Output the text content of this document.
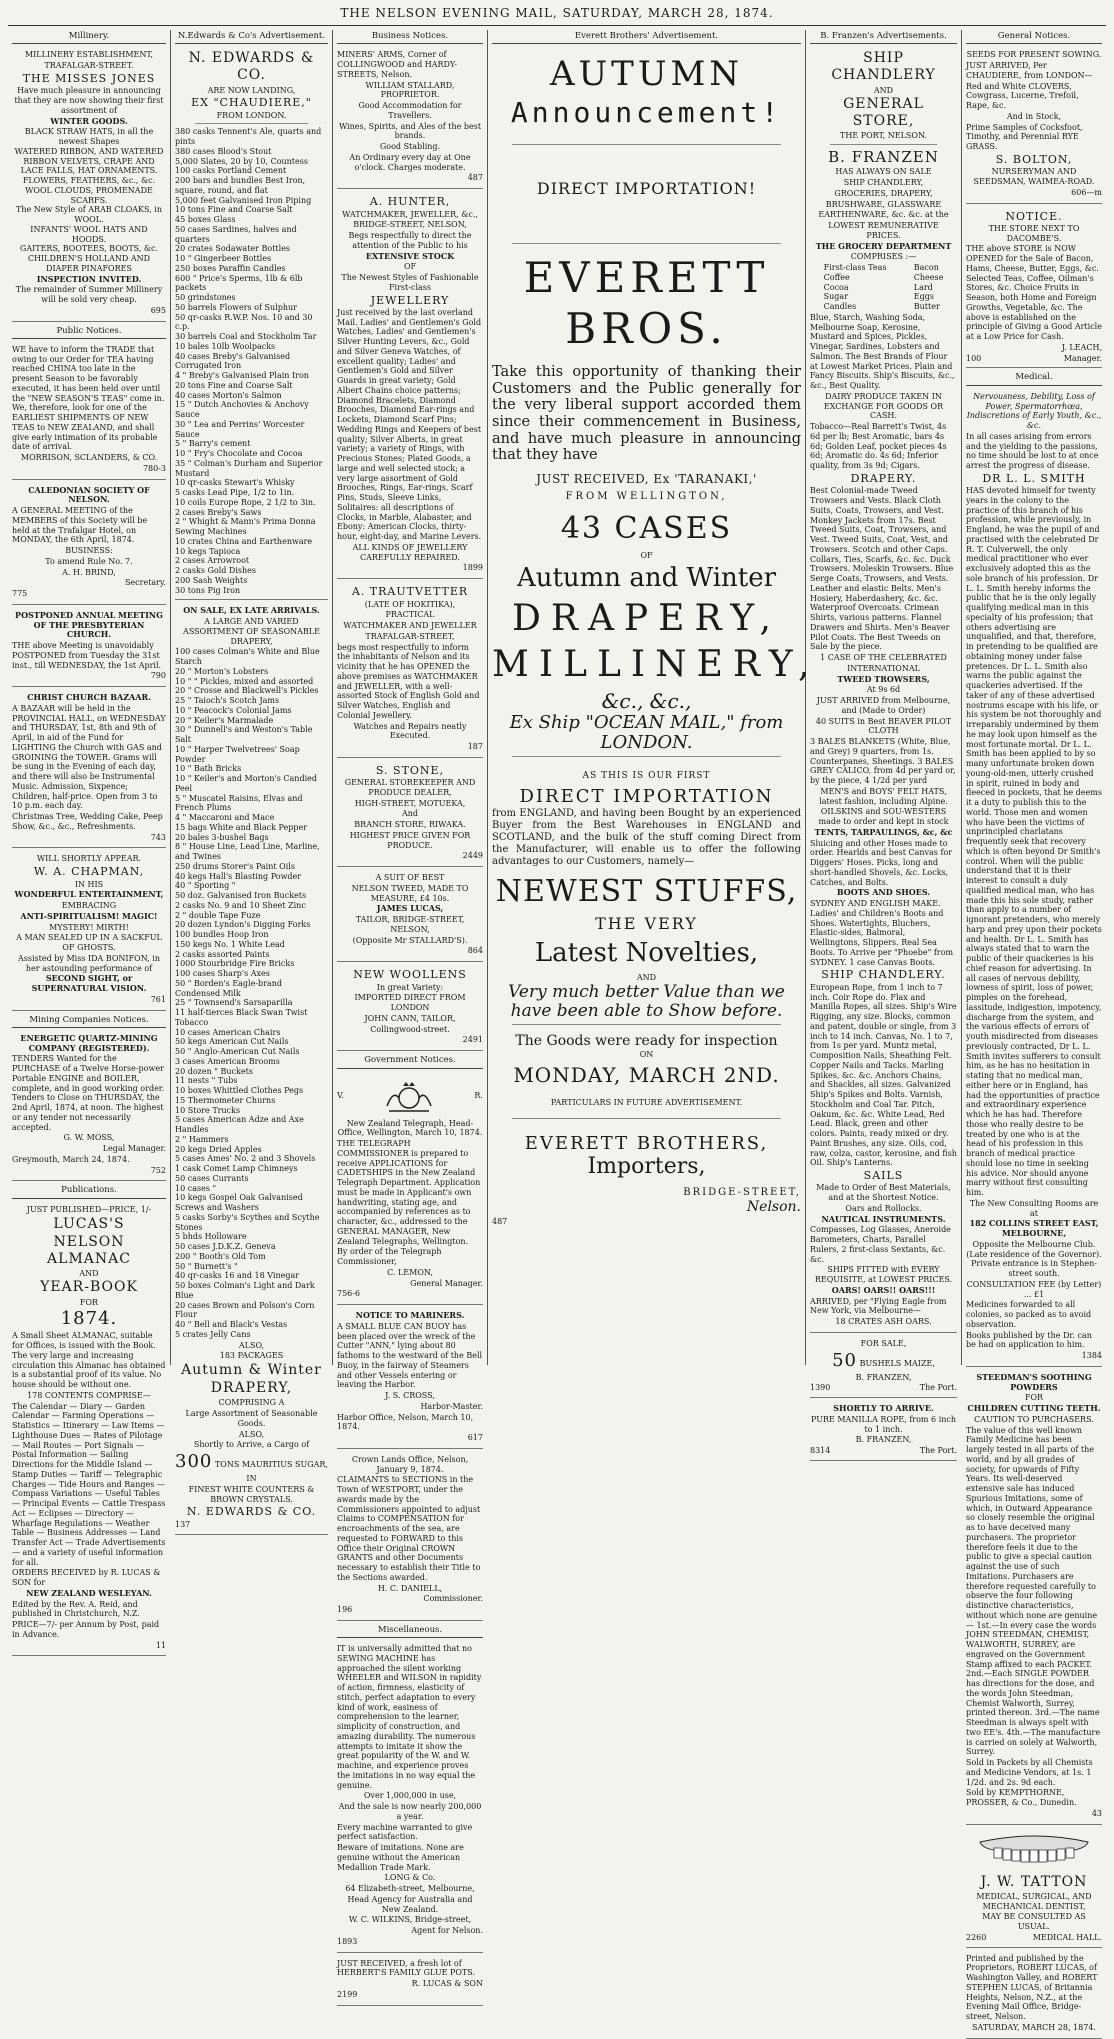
THE NELSON EVENING MAIL, SATURDAY, MARCH 28, 1874.
Millinery.

MILLINERY ESTABLISHMENT,

TRAFALGAR-STREET.

THE MISSES JONES

Have much pleasure in announcing that they are now showing their first assortment of

WINTER GOODS.

BLACK STRAW HATS, in all the newest Shapes

WATERED RIBBON, AND WATERED RIBBON VELVETS, CRAPE AND LACE FALLS, HAT ORNAMENTS.

FLOWERS, FEATHERS, &c., &c.

WOOL CLOUDS, PROMENADE SCARFS.

The New Style of ARAB CLOAKS, in WOOL.

INFANTS' WOOL HATS AND HOODS.

GAITERS, BOOTEES, BOOTS, &c.

CHILDREN'S HOLLAND AND DIAPER PINAFORES

INSPECTION INVITED.

The remainder of Summer Millinery will be sold very cheap.

695

Public Notices.

WE have to inform the TRADE that owing to our Order for TEA having reached CHINA too late in the present Season to be favorably executed, it has been held over until the "NEW SEASON'S TEAS" come in. We, therefore, look for one of the EARLIEST SHIPMENTS OF NEW TEAS to NEW ZEALAND, and shall give early intimation of its probable date of arrival.

MORRISON, SCLANDERS, & CO.

780-3

CALEDONIAN SOCIETY OF NELSON.

A GENERAL MEETING of the MEMBERS of this Society will be held at the Trafalgar Hotel, on MONDAY, the 6th April, 1874.

BUSINESS:

To amend Rule No. 7.

A. H. BRIND,

Secretary.

775

POSTPONED ANNUAL MEETING OF THE PRESBYTERIAN CHURCH.

THE above Meeting is unavoidably POSTPONED from Tuesday the 31st inst., till WEDNESDAY, the 1st April.

790

CHRIST CHURCH BAZAAR.

A BAZAAR will be held in the PROVINCIAL HALL, on WEDNESDAY and THURSDAY, 1st, 8th and 9th of April, in aid of the Fund for LIGHTING the Church with GAS and GROINING the TOWER. Grams will be sung in the Evening of each day, and there will also be Instrumental Music. Admission, Sixpence; Children, half-price. Open from 3 to 10 p.m. each day.

Christmas Tree, Wedding Cake, Peep Show, &c., &c., Refreshments.

743

WILL SHORTLY APPEAR.

W. A. CHAPMAN,

IN HIS

WONDERFUL ENTERTAINMENT,

EMBRACING

ANTI-SPIRITUALISM! MAGIC!

MYSTERY! MIRTH!

A MAN SEALED UP IN A SACKFUL OF GHOSTS.

Assisted by Miss IDA BONIFON, in her astounding performance of

SECOND SIGHT, or SUPERNATURAL VISION.

761

Mining Companies Notices.

ENERGETIC QUARTZ-MINING COMPANY (REGISTERED).

TENDERS Wanted for the PURCHASE of a Twelve Horse-power Portable ENGINE and BOILER, complete, and in good working order. Tenders to Close on THURSDAY, the 2nd April, 1874, at noon. The highest or any tender not necessarily accepted.

G. W. MOSS,

Legal Manager.

Greymouth, March 24, 1874.

752

Publications.

JUST PUBLISHED—PRICE, 1/-

LUCAS'S

NELSON ALMANAC

AND

YEAR-BOOK

FOR

1874.

A Small Sheet ALMANAC, suitable for Offices, is issued with the Book. The very large and increasing circulation this Almanac has obtained is a substantial proof of its value. No house should be without one.

178 CONTENTS COMPRISE—

The Calendar — Diary — Garden Calendar — Farming Operations — Statistics — Itinerary — Law Items — Lighthouse Dues — Rates of Pilotage — Mail Routes — Port Signals — Postal Information — Sailing Directions for the Middle Island — Stamp Duties — Tariff — Telegraphic Charges — Tide Hours and Ranges — Compass Variations — Useful Tables — Principal Events — Cattle Trespass Act — Eclipses — Directory — Wharfage Regulations — Weather Table — Business Addresses — Land Transfer Act — Trade Advertisements — and a variety of useful information for all.

ORDERS RECEIVED by R. LUCAS & SON for

NEW ZEALAND WESLEYAN.

Edited by the Rev. A. Reid, and published in Christchurch, N.Z.

PRICE—7/- per Annum by Post, paid in Advance.

11

N.Edwards & Co's Advertisement.

N. EDWARDS & CO.

ARE NOW LANDING,

EX "CHAUDIERE,"

FROM LONDON.

380 casks Tennent's Ale, quarts and pints

380 cases Blood's Stout

5,000 Slates, 20 by 10, Countess

100 casks Portland Cement

200 bars and bundles Best Iron, square, round, and flat

5,000 feet Galvanised Iron Piping

10 tons Fine and Coarse Salt

45 boxes Glass

50 cases Sardines, halves and quarters

20 crates Sodawater Bottles

10 " Gingerbeer Bottles

250 boxes Paraffin Candles

600 " Price's Sperms, 1lb & 6lb packets

50 grindstones

50 barrels Flowers of Sulphur

50 qr-casks R.W.P. Nos. 10 and 30 c.p.

30 barrels Coal and Stockholm Tar

10 bales 10lb Woolpacks

40 cases Breby's Galvanised Corrugated Iron

4 " Breby's Galvanised Plain Iron

20 tons Fine and Coarse Salt

40 cases Morton's Salmon

15 " Dutch Anchovies & Anchovy Sauce

30 " Lea and Perrins' Worcester Sauce

5 " Barry's cement

10 " Fry's Chocolate and Cocoa

35 " Colman's Durham and Superior Mustard

10 qr-casks Stewart's Whisky

5 casks Lead Pipe, 1/2 to 1in.

10 coils Europe Rope, 2 1/2 to 3in.

2 cases Breby's Saws

2 " Whight & Mann's Prima Donna Sewing Machines

10 crates China and Earthenware

10 kegs Tapioca

2 cases Arrowroot

2 casks Gold Dishes

200 Sash Weights

30 tons Pig Iron

ON SALE, EX LATE ARRIVALS.

A LARGE AND VARIED ASSORTMENT OF SEASONABLE DRAPERY,

100 cases Colman's White and Blue Starch

20 " Morton's Lobsters

10 " " Pickles, mixed and assorted

20 " Crosse and Blackwell's Pickles

25 " Taioch's Scotch Jams

10 " Peacock's Colonial Jams

20 " Keiler's Marmalade

30 " Dunnell's and Weston's Table Salt

10 " Harper Twelvetrees' Soap Powder

10 " Bath Bricks

10 " Keiler's and Morton's Candied Peel

5 " Muscatel Raisins, Elvas and French Plums

4 " Maccaroni and Mace

15 bags White and Black Pepper

20 bales 3-bushel Bags

8 " House Line, Lead Line, Marline, and Twines

250 drums Storer's Paint Oils

40 kegs Hall's Blasting Powder

40 " Sporting "

50 doz. Galvanised Iron Buckets

2 casks No. 9 and 10 Sheet Zinc

2 " double Tape Fuze

20 dozen Lyndon's Digging Forks

100 bundles Hoop Iron

150 kegs No. 1 White Lead

2 casks assorted Paints

1000 Stourbridge Fire Bricks

100 cases Sharp's Axes

50 " Borden's Eagle-brand Condensed Milk

25 " Townsend's Sarsaparilla

11 half-tierces Black Swan Twist Tobacco

10 cases American Chairs

50 kegs American Cut Nails

50 " Anglo-American Cut Nails

3 cases American Brooms

20 dozen " Buckets

11 nests " Tubs

10 boxes Whittled Clothes Pegs

15 Thermometer Churns

10 Store Trucks

5 cases American Adze and Axe Handles

2 " Hammers

20 kegs Dried Apples

5 cases Ames' No. 2 and 3 Shovels

1 cask Comet Lamp Chimneys

50 cases Currants

10 cases "

10 kegs Gospel Oak Galvanised Screws and Washers

5 casks Sorby's Scythes and Scythe Stones

5 bhds Holloware

50 cases J.D.K.Z. Geneva

200 " Booth's Old Tom

50 " Burnett's "

40 qr-casks 16 and 18 Vinegar

50 boxes Colman's Light and Dark Blue

20 cases Brown and Polson's Corn Flour

40 " Bell and Black's Vestas

5 crates Jelly Cans

ALSO,

183 PACKAGES

Autumn & Winter

DRAPERY,

COMPRISING A

Large Assortment of Seasonable Goods.

ALSO,

Shortly to Arrive, a Cargo of

300 TONS MAURITIUS SUGAR,

IN

FINEST WHITE COUNTERS & BROWN CRYSTALS.

N. EDWARDS & CO.

137

Business Notices.

MINERS' ARMS, Corner of COLLINGWOOD and HARDY-STREETS, Nelson.

WILLIAM STALLARD, PROPRIETOR.

Good Accommodation for Travellers.

Wines, Spirits, and Ales of the best brands.

Good Stabling.

An Ordinary every day at One o'clock. Charges moderate.

487

A. HUNTER,

WATCHMAKER, JEWELLER, &c.,

BRIDGE-STREET, NELSON,

Begs respectfully to direct the attention of the Public to his

EXTENSIVE STOCK

OF

The Newest Styles of Fashionable First-class

JEWELLERY

Just received by the last overland Mail. Ladies' and Gentlemen's Gold Watches, Ladies' and Gentlemen's Silver Hunting Levers, &c., Gold and Silver Geneva Watches, of excellent quality; Ladies' and Gentlemen's Gold and Silver Guards in great variety; Gold Albert Chains choice patterns; Diamond Bracelets, Diamond Brooches, Diamond Ear-rings and Lockets, Diamond Scarf Pins; Wedding Rings and Keepers of best quality; Silver Alberts, in great variety; a variety of Rings, with Precious Stones; Plated Goods, a large and well selected stock; a very large assortment of Gold Brooches, Rings, Ear-rings, Scarf Pins, Studs, Sleeve Links, Solitaires: all descriptions of Clocks, in Marble, Alabaster, and Ebony: American Clocks, thirty-hour, eight-day, and Marine Levers.

ALL KINDS OF JEWELLERY CAREFULLY REPAIRED.

1899

A. TRAUTVETTER

(LATE OF HOKITIKA),

PRACTICAL

WATCHMAKER AND JEWELLER

TRAFALGAR-STREET,

begs most respectfully to inform the inhabitants of Nelson and its vicinity that he has OPENED the above premises as WATCHMAKER and JEWELLER, with a well-assorted Stock of English Gold and Silver Watches, English and Colonial Jewellery.

Watches and Repairs neatly Executed.

187

S. STONE,

GENERAL STOREKEEPER AND PRODUCE DEALER,

HIGH-STREET, MOTUEKA,

And

BRANCH STORE, RIWAKA.

HIGHEST PRICE GIVEN FOR PRODUCE.

2449

A SUIT OF BEST

NELSON TWEED, MADE TO MEASURE, £4 10s.

JAMES LUCAS,

TAILOR, BRIDGE-STREET, NELSON,

(Opposite Mr STALLARD'S).

864

NEW WOOLLENS

In great Variety:

IMPORTED DIRECT FROM LONDON

JOHN CANN, TAILOR,

Collingwood-street.

2491

Government Notices.
V.	R.

New Zealand Telegraph, Head-Office, Wellington, March 10, 1874.

THE TELEGRAPH COMMISSIONER is prepared to receive APPLICATIONS for CADETSHIPS in the New Zealand Telegraph Department. Application must be made in Applicant's own handwriting, stating age, and accompanied by references as to character, &c., addressed to the GENERAL MANAGER, New Zealand Telegraphs, Wellington.

By order of the Telegraph Commissioner,

C. LEMON,

General Manager.

756-6

NOTICE TO MARINERS.

A SMALL BLUE CAN BUOY has been placed over the wreck of the Cutter "ANN," lying about 80 fathoms to the westward of the Bell Buoy, in the fairway of Steamers and other Vessels entering or leaving the Harbor.

J. S. CROSS,

Harbor-Master.

Harbor Office, Nelson, March 10, 1874.

617

Crown Lands Office, Nelson, January 9, 1874.

CLAIMANTS to SECTIONS in the Town of WESTPORT, under the awards made by the Commissioners appointed to adjust Claims to COMPENSATION for encroachments of the sea, are requested to FORWARD to this Office their Original CROWN GRANTS and other Documents necessary to establish their Title to the Sections awarded.

H. C. DANIELL,

Commissioner.

196

Miscellaneous.

IT is universally admitted that no SEWING MACHINE has approached the silent working WHEELER and WILSON in rapidity of action, firmness, elasticity of stitch, perfect adaptation to every kind of work, easiness of comprehension to the learner, simplicity of construction, and amazing durability. The numerous attempts to imitate it show the great popularity of the W. and W. machine, and experience proves the imitations in no way equal the genuine.

Over 1,000,000 in use,

And the sale is now nearly 200,000 a year.

Every machine warranted to give perfect satisfaction.

Beware of imitations. None are genuine without the American Medallion Trade Mark.

LONG & Co.

64 Elizabeth-street, Melbourne,

Head Agency for Australia and New Zealand.

W. C. WILKINS, Bridge-street,

Agent for Nelson.

1893

JUST RECEIVED, a fresh lot of HERBERT'S FAMILY GLUE POTS.

R. LUCAS & SON

2199

Everett Brothers' Advertisement.
AUTUMN
Announcement!
DIRECT IMPORTATION!
EVERETT BROS.
Take this opportunity of thanking their Customers and the Public generally for the very liberal support accorded them since their commencement in Business, and have much pleasure in announcing that they have
JUST RECEIVED, Ex 'TARANAKI,'
FROM WELLINGTON,
43 CASES
OF
Autumn and Winter
DRAPERY,
MILLINERY,
&c., &c.,
Ex Ship "OCEAN MAIL," from LONDON.
AS THIS IS OUR FIRST
DIRECT IMPORTATION
from ENGLAND, and having been Bought by an experienced Buyer from the Best Warehouses in ENGLAND and SCOTLAND, and the bulk of the stuff coming Direct from the Manufacturer, will enable us to offer the following advantages to our Customers, namely—
NEWEST STUFFS,
THE VERY
Latest Novelties,
AND
Very much better Value than we have been able to Show before.
The Goods were ready for inspection
ON
MONDAY, MARCH 2ND.
PARTICULARS IN FUTURE ADVERTISEMENT.
EVERETT BROTHERS,
Importers,
BRIDGE-STREET,
Nelson.
487
B. Franzen's Advertisements.

SHIP CHANDLERY

AND

GENERAL STORE,

THE PORT, NELSON.

B. FRANZEN

HAS ALWAYS ON SALE

SHIP CHANDLERY,

GROCERIES, DRAPERY,

BRUSHWARE, GLASSWARE

EARTHENWARE, &c. &c. at the

LOWEST REMUNERATIVE PRICES.

THE GROCERY DEPARTMENT

COMPRISES :—

First-class Teas

Coffee

Cocoa

Sugar

Candles

Bacon

Cheese

Lard

Eggs

Butter

Blue, Starch, Washing Soda, Melbourne Soap, Kerosine, Mustard and Spices, Pickles, Vinegar, Sardines, Lobsters and Salmon. The Best Brands of Flour at Lowest Market Prices. Plain and Fancy Biscuits. Ship's Biscuits, &c., &c., Best Quality.

DAIRY PRODUCE TAKEN IN EXCHANGE FOR GOODS OR CASH.

Tobacco—Real Barrett's Twist, 4s 6d per lb; Best Aromatic, bars 4s 6d; Golden Leaf, pocket pieces 4s 6d; Aromatic do. 4s 6d; Inferior quality, from 3s 9d; Cigars.

DRAPERY.

Best Colonial-made Tweed Trowsers and Vests. Black Cloth Suits, Coats, Trowsers, and Vest. Monkey Jackets from 17s. Best Tweed Suits, Coat, Trowsers, and Vest. Tweed Suits, Coat, Vest, and Trowsers. Scotch and other Caps. Collars, Ties, Scarfs, &c. &c. Duck Trowsers. Moleskin Trowsers. Blue Serge Coats, Trowsers, and Vests. Leather and elastic Belts. Men's Hosiery, Haberdashery, &c. &c. Waterproof Overcoats. Crimean Shirts, various patterns. Flannel Drawers and Shirts. Men's Beaver Pilot Coats. The Best Tweeds on Sale by the piece.

1 CASE OF THE CELEBRATED

INTERNATIONAL

TWEED TROWSERS,

At 9s 6d

JUST ARRIVED from Melbourne, and (Made to Order)

40 SUITS in Best BEAVER PILOT CLOTH

3 BALES BLANKETS (White, Blue, and Grey) 9 quarters, from 1s. Counterpanes, Sheetings. 3 BALES GREY CALICO, from 4d per yard or, by the piece, 4 1/2d per yard

MEN'S and BOYS' FELT HATS, latest fashion, including Alpine.

OILSKINS and SOU-WESTERS made to order and kept in stock

TENTS, TARPAULINGS, &c, &c

Sluicing and other Hoses made to order. Hearlds and best Canvas for Diggers' Hoses. Picks, long and short-handled Shovels, &c. Locks, Catches, and Bolts.

BOOTS AND SHOES.

SYDNEY AND ENGLISH MAKE. Ladies' and Children's Boots and Shoes. Watertights, Bluchers, Elastic-sides, Balmoral, Wellingtons, Slippers. Real Sea Boots. To Arrive per "Phoebe" from SYDNEY. 1 case Canvas Boots.

SHIP CHANDLERY.

European Rope, from 1 inch to 7 inch. Coir Rope do. Flax and Manilla Ropes, all sizes. Ship's Wire Rigging, any size. Blocks, common and patent, double or single, from 3 inch to 14 inch. Canvas, No. 1 to 7, from 1s per yard. Muntz metal, Composition Nails, Sheathing Felt. Copper Nails and Tacks. Marling Spikes, &c. &c. Anchors Chains, and Shackles, all sizes. Galvanized Ship's Spikes and Bolts. Varnish, Stockholm and Coal Tar. Pitch, Oakum, &c. &c. White Lead, Red Lead. Black, green and other colors. Paints, ready mixed or dry. Paint Brushes, any size. Oils, cod, raw, colza, castor, kerosine, and fish Oil. Ship's Lanterns.

SAILS

Made to Order of Best Materials, and at the Shortest Notice.

Oars and Rollocks.

NAUTICAL INSTRUMENTS.

Compasses, Log Glasses, Aneroide Barometers, Charts, Parallel Rulers, 2 first-class Sextants, &c. &c.

SHIPS FITTED with EVERY REQUISITE, at LOWEST PRICES.

OARS! OARS!! OARS!!!

ARRIVED, per "Flying Eagle from New York, via Melbourne—

18 CRATES ASH OARS.

FOR SALE,

50 BUSHELS MAIZE,

B. FRANZEN,

1390	The Port.

SHORTLY TO ARRIVE.

PURE MANILLA ROPE, from 6 inch to 1 inch.

B. FRANZEN,

8314	The Port.
General Notices.

SEEDS FOR PRESENT SOWING.

JUST ARRIVED, Per CHAUDIERE, from LONDON—

Red and White CLOVERS, Cowgrass, Lucerne, Trefoil, Rape, &c.

And in Stock,

Prime Samples of Cocksfoot, Timothy, and Perennial RYE GRASS.

S. BOLTON,

NURSERYMAN AND SEEDSMAN, WAIMEA-ROAD.

606—m

NOTICE.

THE STORE NEXT TO DACOMBE'S.

THE above STORE is NOW OPENED for the Sale of Bacon, Hams, Cheese, Butter, Eggs, &c. Selected Teas, Coffee, Oilman's Stores, &c. Choice Fruits in Season, both Home and Foreign Growths, Vegetable, &c. The above is established on the principle of Giving a Good Article at a Low Price for Cash.

J. LEACH,

100	Manager.
Medical.

Nervousness, Debility, Loss of Power, Spermatorrhœa, Indiscretions of Early Youth, &c., &c.

In all cases arising from errors and the yielding to the passions, no time should be lost to at once arrest the progress of disease.

DR L. L. SMITH

HAS devoted himself for twenty years in the colony to the practice of this branch of his profession, while previously, in England, he was the pupil of and practised with the celebrated Dr R. T. Culverwell, the only medical practitioner who ever exclusively adopted this as the sole branch of his profession. Dr L. L. Smith hereby informs the public that he is the only legally qualifying medical man in this specialty of his profession; that others advertising are unqualified, and that, therefore, in pretending to be qualified are obtaining money under false pretences. Dr L. L. Smith also warns the public against the quackeries advertised. If the taker of any of these advertised nostrums escape with his life, or his system be not thoroughly and irreparably undermined by them he may look upon himself as the most fortunate mortal. Dr L. L. Smith has been applied to by so many unfortunate broken down young-old-men, utterly crushed in spirit, ruined in body and fleeced in pockets, that he deems it a duty to publish this to the world. Those men and women who have been the victims of unprincipled charlatans frequently seek that recovery which is often beyond Dr Smith's control. When will the public understand that it is their interest to consult a duly qualified medical man, who has made this his sole study, rather than apply to a number of ignorant pretenders, who merely harp and prey upon their pockets and health. Dr L. L. Smith has always stated that to warn the public of their quackeries is his chief reason for advertising. In all cases of nervous debility, lowness of spirit, loss of power, pimples on the forehead, lassitude, indigestion, impotency, discharge from the system, and the various effects of errors of youth misdirected from diseases previously contracted, Dr L. L. Smith invites sufferers to consult him, as he has no hesitation in stating that no medical man, either here or in England, has had the opportunities of practice and extraordinary experience which he has had. Therefore those who really desire to be treated by one who is at the head of his profession in this branch of medical practice should lose no time in seeking his advice. Nor should anyone marry without first consulting him.

The New Consulting Rooms are at

182 COLLINS STREET EAST, MELBOURNE,

Opposite the Melbourne Club. (Late residence of the Governor). Private entrance is in Stephen-street south.

CONSULTATION FEE (by Letter) ... £1

Medicines forwarded to all colonies, so packed as to avoid observation.

Books published by the Dr. can be had on application to him.

1384

STEEDMAN'S SOOTHING POWDERS

FOR

CHILDREN CUTTING TEETH.

CAUTION TO PURCHASERS.

The value of this well known Family Medicine has been largely tested in all parts of the world, and by all grades of society, for upwards of Fifty Years. Its well-deserved extensive sale has induced Spurious Imitations, some of which, in Outward Appearance so closely resemble the original as to have deceived many purchasers. The proprietor therefore feels it due to the public to give a special caution against the use of such Imitations. Purchasers are therefore requested carefully to observe the four following distinctive characteristics, without which none are genuine— 1st.—In every case the words JOHN STEEDMAN, CHEMIST, WALWORTH, SURREY, are engraved on the Government Stamp affixed to each PACKET. 2nd.—Each SINGLE POWDER has directions for the dose, and the words John Steedman, Chemist Walworth, Surrey, printed thereon. 3rd.—The name Steedman is always spelt with two EE's. 4th.—The manufacture is carried on solely at Walworth, Surrey.

Sold in Packets by all Chemists and Medicine Vendors, at 1s. 1 1/2d. and 2s. 9d each.

Sold by KEMPTHORNE, PROSSER, & Co., Dunedin.

43

J. W. TATTON

MEDICAL, SURGICAL, AND MECHANICAL DENTIST,

MAY BE CONSULTED AS USUAL.

2260	MEDICAL HALL.

Printed and published by the Proprietors, ROBERT LUCAS, of Washington Valley, and ROBERT STEPHEN LUCAS, of Britannia Heights, Nelson, N.Z., at the Evening Mail Office, Bridge-street, Nelson.

SATURDAY, MARCH 28, 1874.
